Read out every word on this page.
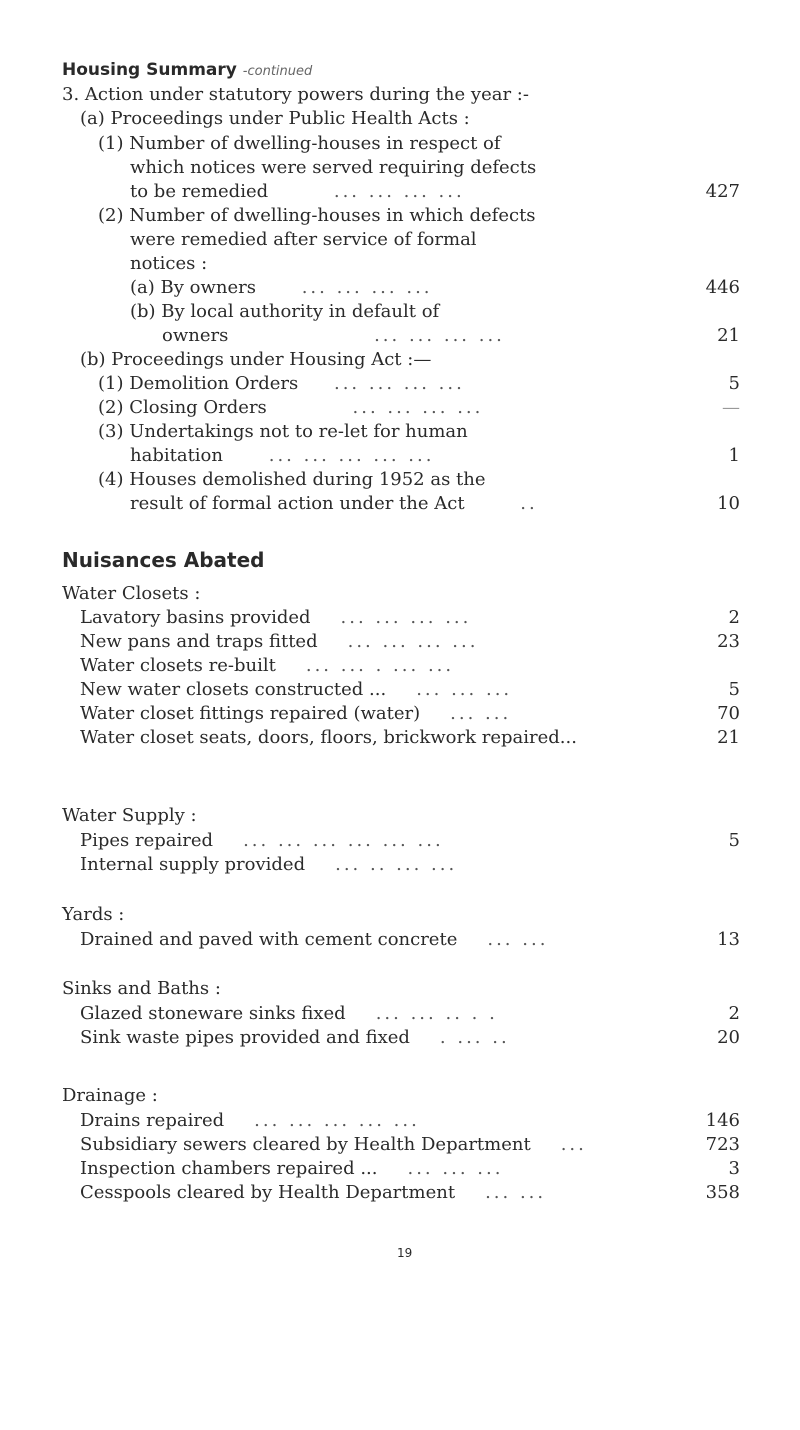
Housing Summary -continued
3. Action under statutory powers during the year :-
(a) Proceedings under Public Health Acts :
(1) Number of dwelling-houses in respect of
which notices were served requiring defects
to be remedied	... ... ... ...	427
(2) Number of dwelling-houses in which defects
were remedied after service of formal
notices :
(a) By owners	... ... ... ...	446
(b) By local authority in default of
owners	... ... ... ...	21
(b) Proceedings under Housing Act :—
(1) Demolition Orders ... ... ... ...	5
(2) Closing Orders	... ... ... ...	—
(3) Undertakings not to re-let for human
habitation	... ... ... ... ...	1
(4) Houses demolished during 1952 as the
result of formal action under the Act	..	10
Nuisances Abated
Water Closets :
Lavatory basins provided ... ... ... ...	2
New pans and traps fitted ... ... ... ...	23
Water closets re-built ... ... . ... ...
New water closets constructed ... ... ... ...	5
Water closet fittings repaired (water) ... ...	70
Water closet seats, doors, floors, brickwork repaired...	21
Water Supply :
Pipes repaired ... ... ... ... ... ...	5
Internal supply provided ... .. ... ...
Yards :
Drained and paved with cement concrete ... ...	13
Sinks and Baths :
Glazed stoneware sinks fixed ... ... .. . .	2
Sink waste pipes provided and fixed . ... ..	20
Drainage :
Drains repaired ... ... ... ... ...	146
Subsidiary sewers cleared by Health Department ...	723
Inspection chambers repaired ... ... ... ...	3
Cesspools cleared by Health Department ... ...	358
19
